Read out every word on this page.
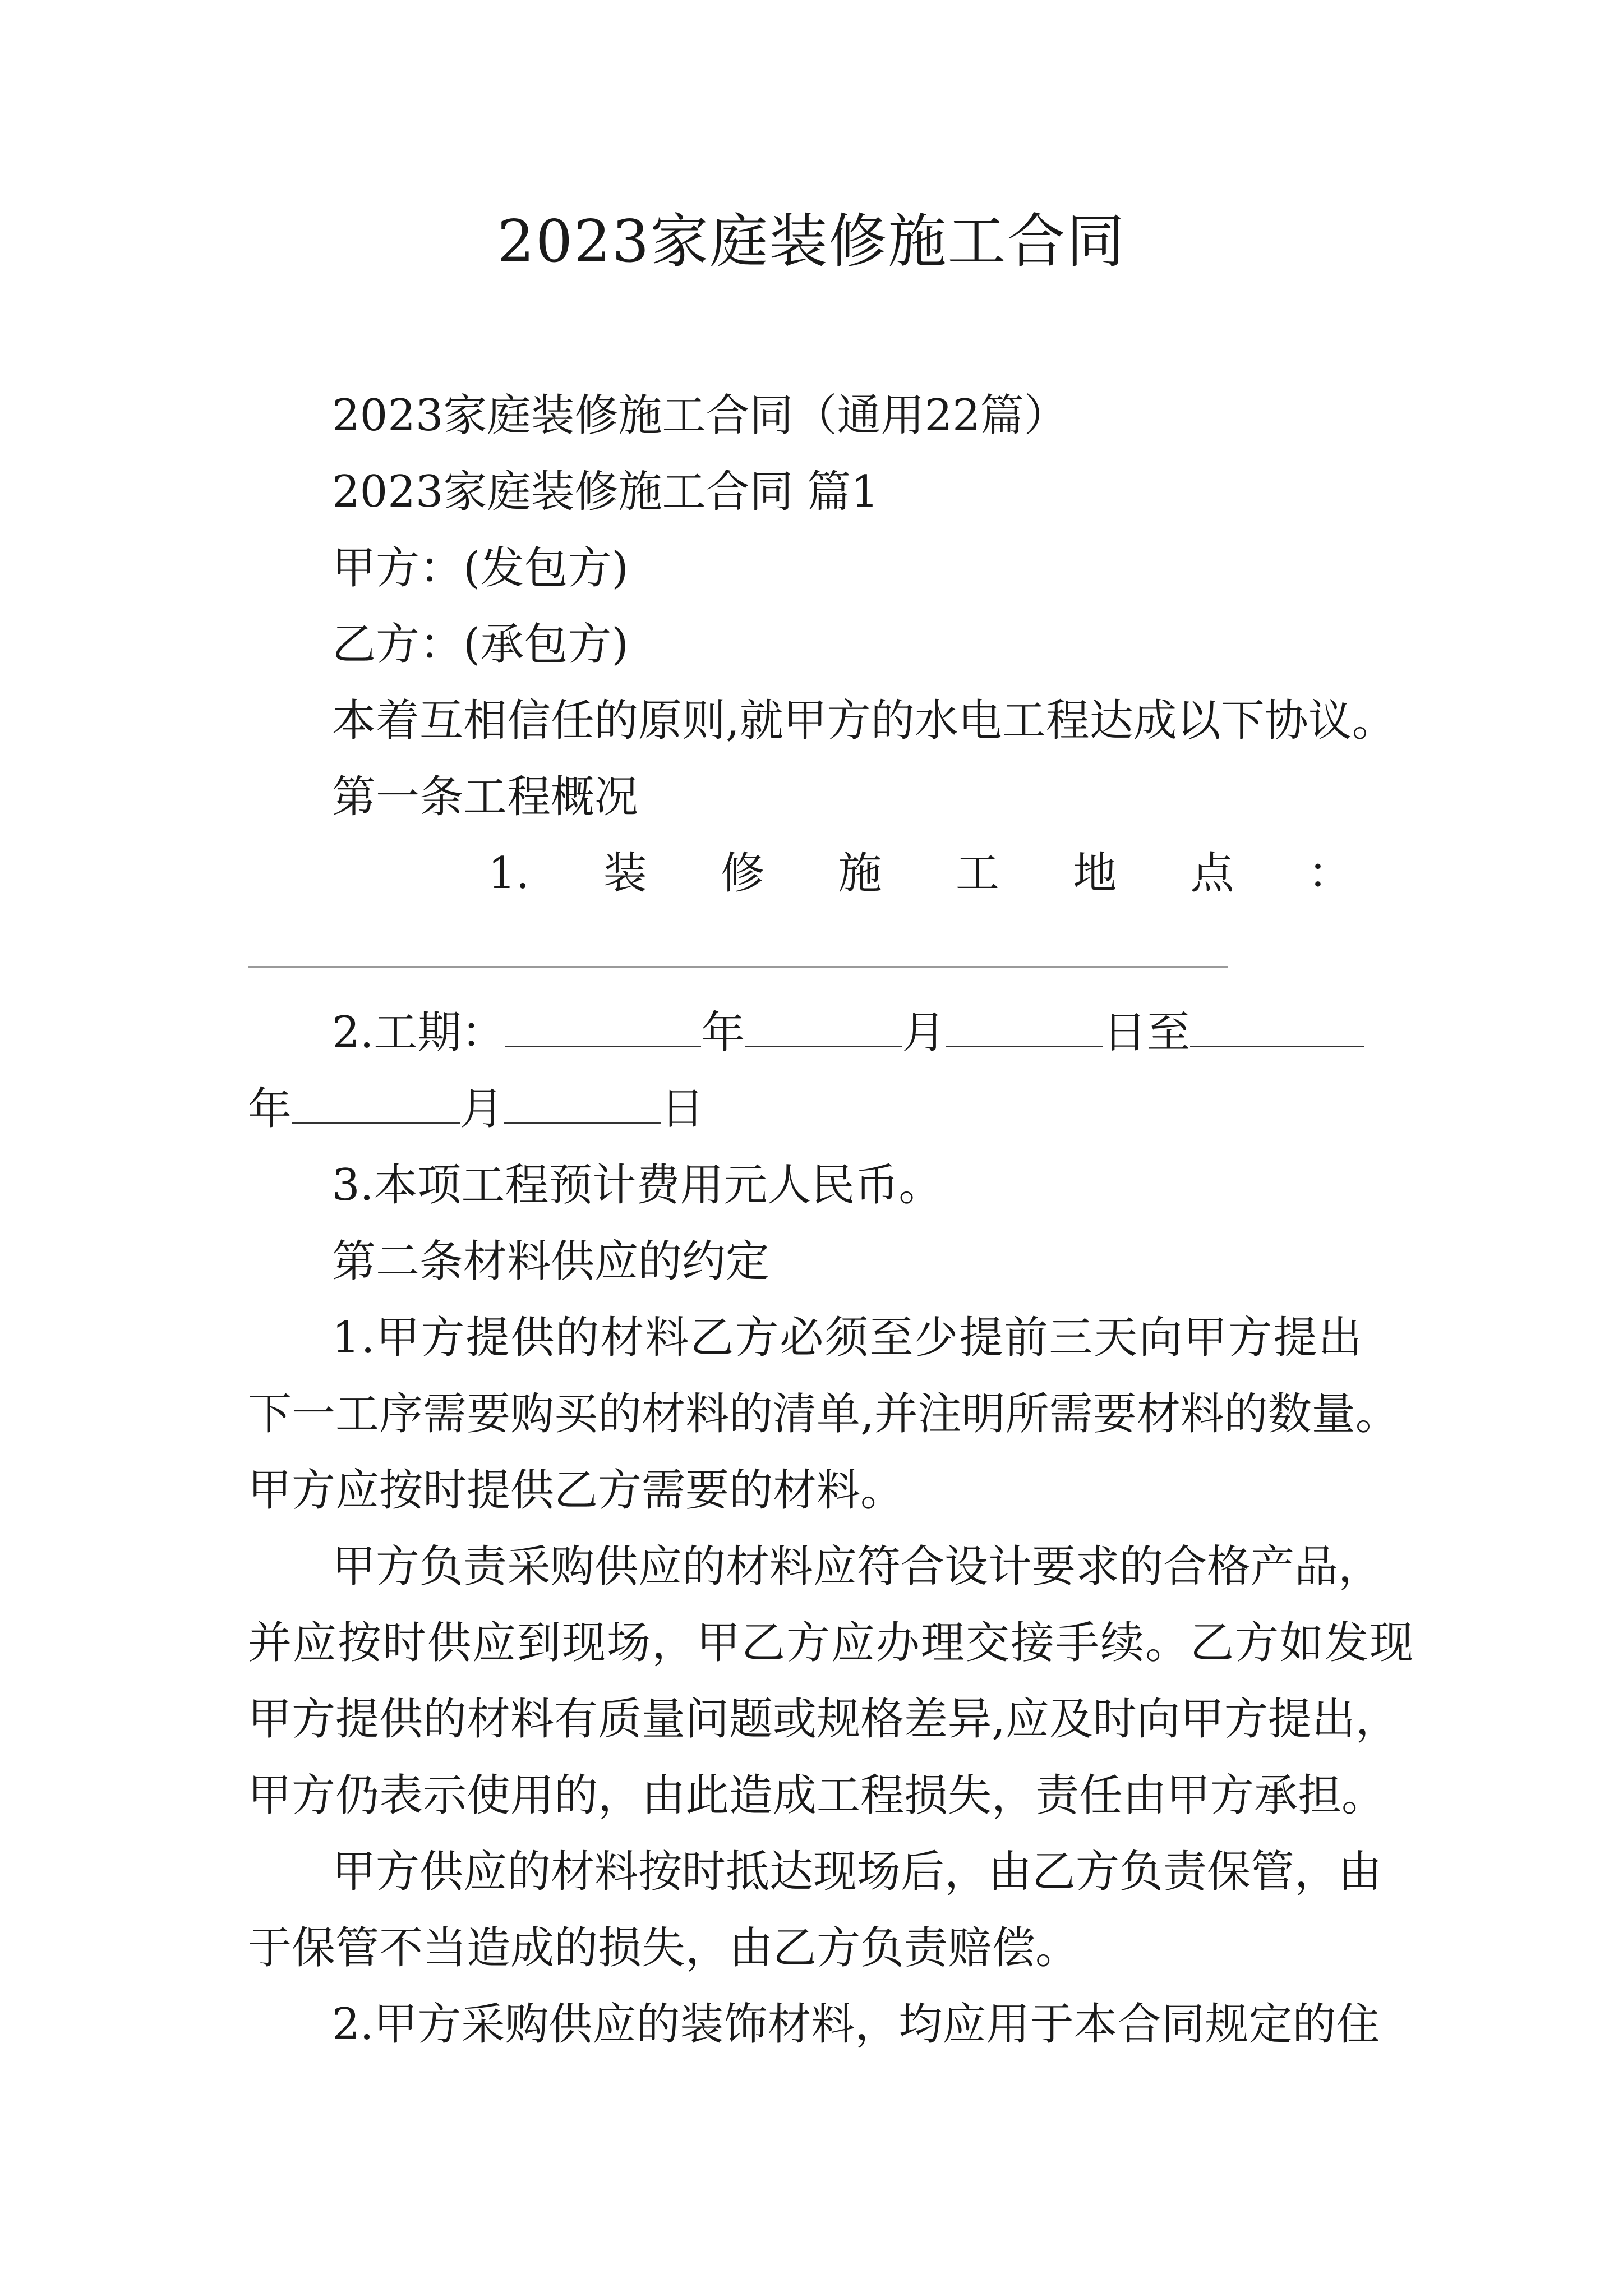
2023家庭装修施工合同
2023家庭装修施工合同（通用22篇）
2023家庭装修施工合同 篇1
甲方：(发包方)
乙方：(承包方)
本着互相信任的原则,就甲方的水电工程达成以下协议。
第一条工程概况
1. 装 修 施 工 地 点 ：
2.工期：	年	月	日至
年	月	日
3.本项工程预计费用元人民币。
第二条材料供应的约定
1.甲方提供的材料乙方必须至少提前三天向甲方提出
下一工序需要购买的材料的清单,并注明所需要材料的数量。
甲方应按时提供乙方需要的材料。
甲方负责采购供应的材料应符合设计要求的合格产品，
并应按时供应到现场，甲乙方应办理交接手续。乙方如发现
甲方提供的材料有质量问题或规格差异,应及时向甲方提出，
甲方仍表示使用的，由此造成工程损失，责任由甲方承担。
甲方供应的材料按时抵达现场后，由乙方负责保管，由
于保管不当造成的损失，由乙方负责赔偿。
2.甲方采购供应的装饰材料，均应用于本合同规定的住
